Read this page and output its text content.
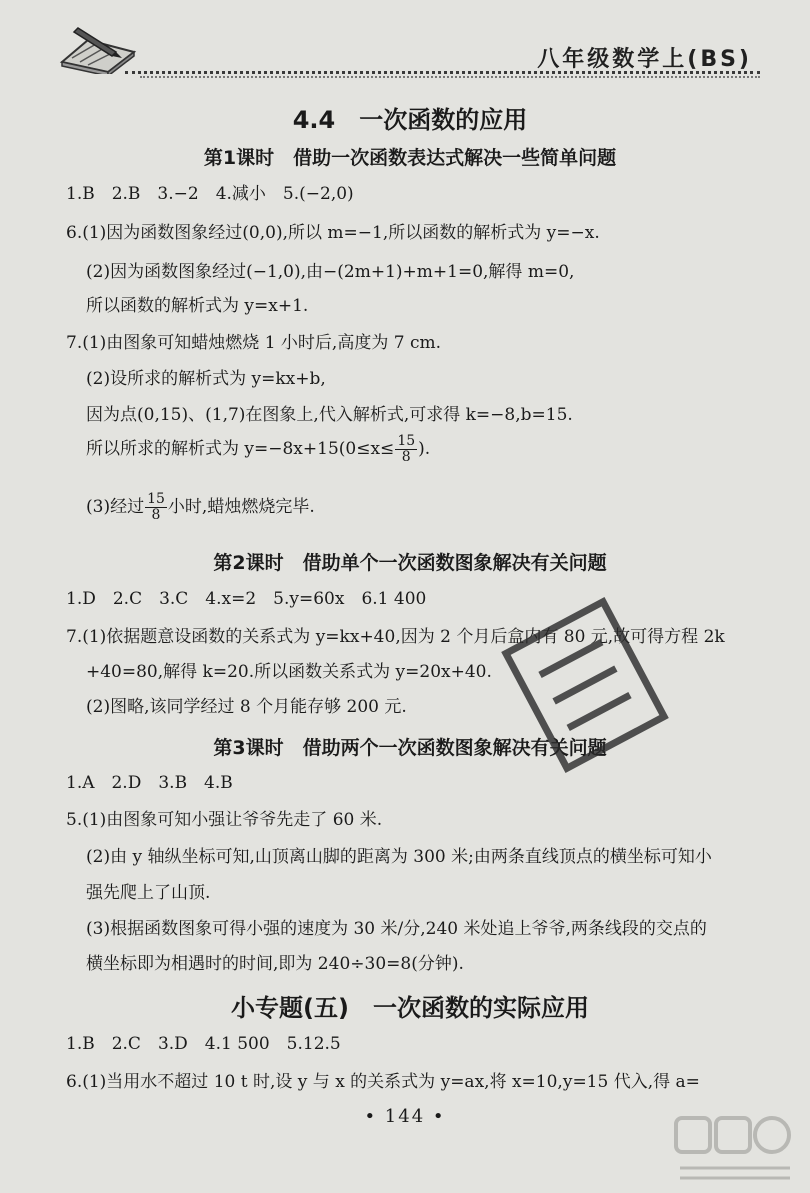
八年级数学上(BS)
4.4　一次函数的应用
第1课时　借助一次函数表达式解决一些简单问题
1.B　2.B　3.−2　4.减小　5.(−2,0)
6.(1)因为函数图象经过(0,0),所以 m=−1,所以函数的解析式为 y=−x.
(2)因为函数图象经过(−1,0),由−(2m+1)+m+1=0,解得 m=0,
所以函数的解析式为 y=x+1.
7.(1)由图象可知蜡烛燃烧 1 小时后,高度为 7 cm.
(2)设所求的解析式为 y=kx+b,
因为点(0,15)、(1,7)在图象上,代入解析式,可求得 k=−8,b=15.
所以所求的解析式为 $y=-8x+15(0\le x\le \frac{15}{8}$ ).
(3)经过 $\frac{15}{8}$ 小时,蜡烛燃烧完毕.
第2课时　借助单个一次函数图象解决有关问题
1.D　2.C　3.C　4.x=2　5.y=60x　6.1 400
7.(1)依据题意设函数的关系式为 y=kx+40,因为 2 个月后盒内有 80 元,故可得方程 2k
+40=80,解得 k=20.所以函数关系式为 y=20x+40.
(2)图略,该同学经过 8 个月能存够 200 元.
第3课时　借助两个一次函数图象解决有关问题
1.A　2.D　3.B　4.B
5.(1)由图象可知小强让爷爷先走了 60 米.
(2)由 y 轴纵坐标可知,山顶离山脚的距离为 300 米;由两条直线顶点的横坐标可知小
强先爬上了山顶.
(3)根据函数图象可得小强的速度为 30 米/分,240 米处追上爷爷,两条线段的交点的
横坐标即为相遇时的时间,即为 240÷30=8(分钟).
小专题(五)　一次函数的实际应用
1.B　2.C　3.D　4.1 500　5.12.5
6.(1)当用水不超过 10 t 时,设 y 与 x 的关系式为 y=ax,将 x=10,y=15 代入,得 a=
• 144 •
